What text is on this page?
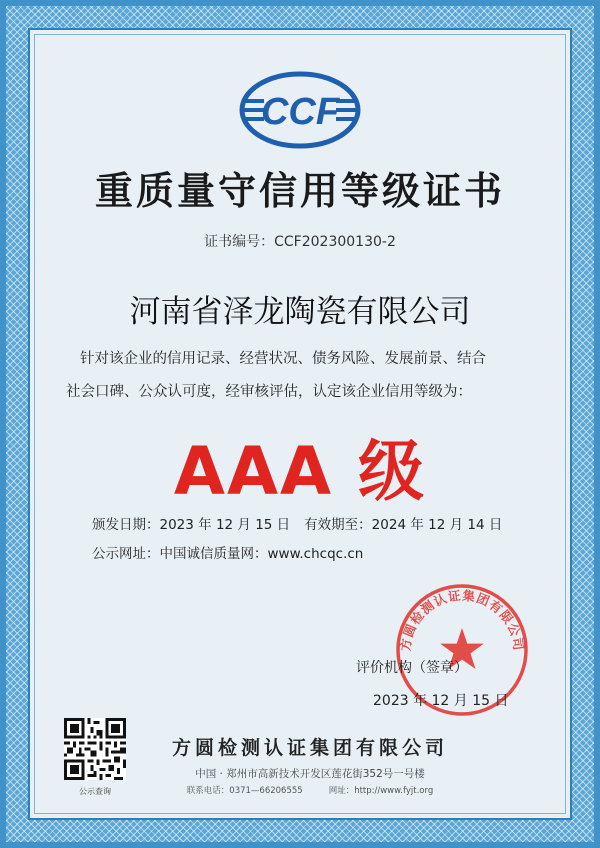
CCF
重质量守信用等级证书
证书编号：CCF202300130-2
河南省泽龙陶瓷有限公司
针对该企业的信用记录、经营状况、债务风险、发展前景、结合
社会口碑、公众认可度，经审核评估，认定该企业信用等级为：
AAA 级
颁发日期：2023 年 12 月 15 日 有效期至：2024 年 12 月 14 日
公示网址：中国诚信质量网：www.chcqc.cn
方圆检测认证集团有限公司
评价机构（签章）
2023 年 12 月 15 日
公示查询
方圆检测认证集团有限公司
中国 · 郑州市高新技术开发区莲花街352号一号楼
联系电话：0371—66206555	网址：http://www.fyjt.org
